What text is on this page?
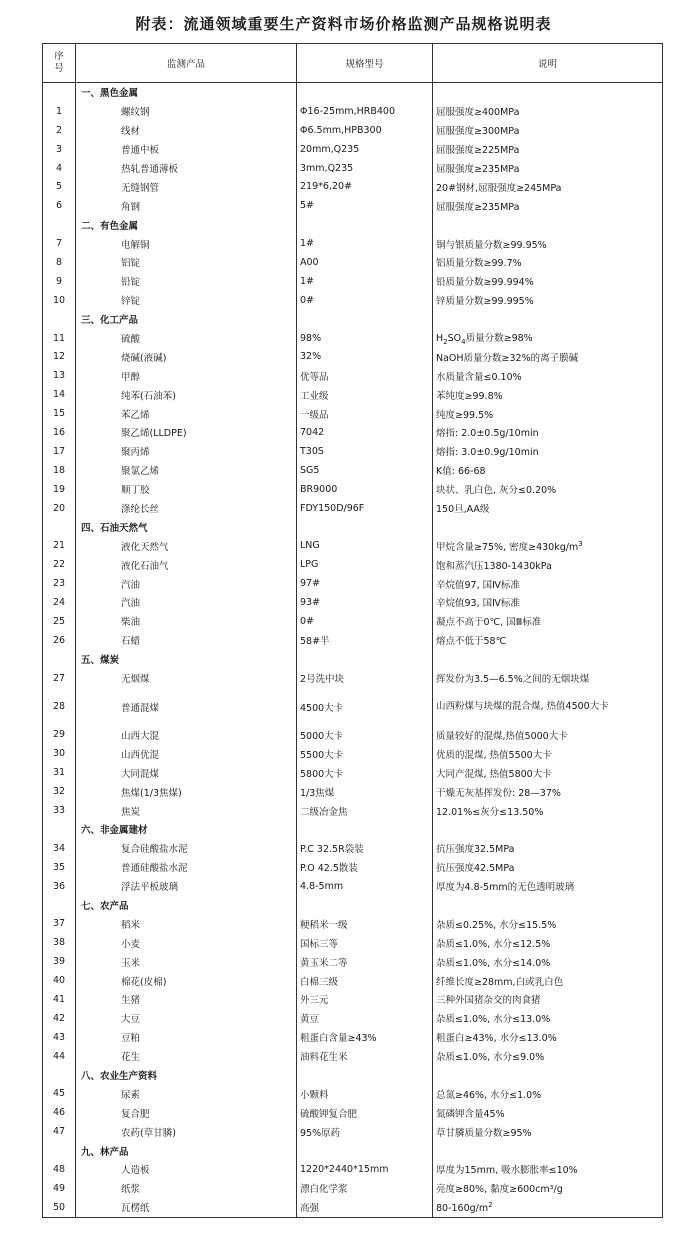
附表：流通领域重要生产资料市场价格监测产品规格说明表
序
号	监测产品	规格型号	说明
	一、黑色金属		
1	螺纹钢	Φ16-25mm,HRB400	屈服强度≥400MPa
2	线材	Φ6.5mm,HPB300	屈服强度≥300MPa
3	普通中板	20mm,Q235	屈服强度≥225MPa
4	热轧普通薄板	3mm,Q235	屈服强度≥235MPa
5	无缝钢管	219*6,20#	20#钢材,屈服强度≥245MPa
6	角钢	5#	屈服强度≥235MPa
	二、有色金属		
7	电解铜	1#	铜与银质量分数≥99.95%
8	铝锭	A00	铝质量分数≥99.7%
9	铅锭	1#	铅质量分数≥99.994%
10	锌锭	0#	锌质量分数≥99.995%
	三、化工产品		
11	硫酸	98%	$H_2SO_4$质量分数≥98%
12	烧碱(液碱)	32%	NaOH质量分数≥32%的离子膜碱
13	甲醇	优等品	水质量含量≤0.10%
14	纯苯(石油苯)	工业级	苯纯度≥99.8%
15	苯乙烯	一级品	纯度≥99.5%
16	聚乙烯(LLDPE)	7042	熔指: 2.0±0.5g/10min
17	聚丙烯	T30S	熔指: 3.0±0.9g/10min
18	聚氯乙烯	SG5	K值: 66-68
19	顺丁胶	BR9000	块状、乳白色, 灰分≤0.20%
20	涤纶长丝	FDY150D/96F	150旦,AA级
	四、石油天然气		
21	液化天然气	LNG	甲烷含量≥75%, 密度$\ge 430kg/m^3$
22	液化石油气	LPG	饱和蒸汽压1380-1430kPa
23	汽油	97#	辛烷值97, 国Ⅳ标准
24	汽油	93#	辛烷值93, 国Ⅳ标准
25	柴油	0#	凝点不高于0℃, 国Ⅲ标准
26	石蜡	58#半	熔点不低于58℃
	五、煤炭		
27	无烟煤	2号洗中块	挥发份为3.5—6.5%之间的无烟块煤
28	普通混煤	4500大卡	山西粉煤与块煤的混合煤, 热值4500大卡
29	山西大混	5000大卡	质量较好的混煤,热值5000大卡
30	山西优混	5500大卡	优质的混煤, 热值5500大卡
31	大同混煤	5800大卡	大同产混煤, 热值5800大卡
32	焦煤(1/3焦煤)	1/3焦煤	干燥无灰基挥发份: 28—37%
33	焦炭	二级冶金焦	12.01%≤灰分≤13.50%
	六、非金属建材		
34	复合硅酸盐水泥	P.C 32.5R袋装	抗压强度32.5MPa
35	普通硅酸盐水泥	P.O 42.5散装	抗压强度42.5MPa
36	浮法平板玻璃	4.8-5mm	厚度为4.8-5mm的无色透明玻璃
	七、农产品		
37	稻米	粳稻米一级	杂质≤0.25%, 水分≤15.5%
38	小麦	国标三等	杂质≤1.0%, 水分≤12.5%
39	玉米	黄玉米二等	杂质≤1.0%, 水分≤14.0%
40	棉花(皮棉)	白棉三级	纤维长度≥28mm,白或乳白色
41	生猪	外三元	三种外国猪杂交的肉食猪
42	大豆	黄豆	杂质≤1.0%, 水分≤13.0%
43	豆粕	粗蛋白含量≥43%	粗蛋白≥43%, 水分≤13.0%
44	花生	油料花生米	杂质≤1.0%, 水分≤9.0%
	八、农业生产资料		
45	尿素	小颗料	总氮≥46%, 水分≤1.0%
46	复合肥	硫酸钾复合肥	氮磷钾含量45%
47	农药(草甘膦)	95%原药	草甘膦质量分数≥95%
	九、林产品		
48	人造板	1220*2440*15mm	厚度为15mm, 吸水膨胀率≤10%
49	纸浆	漂白化学浆	亮度≥80%, 黏度≥600cm³/g
50	瓦楞纸	高强	$80-160g/m^2$
